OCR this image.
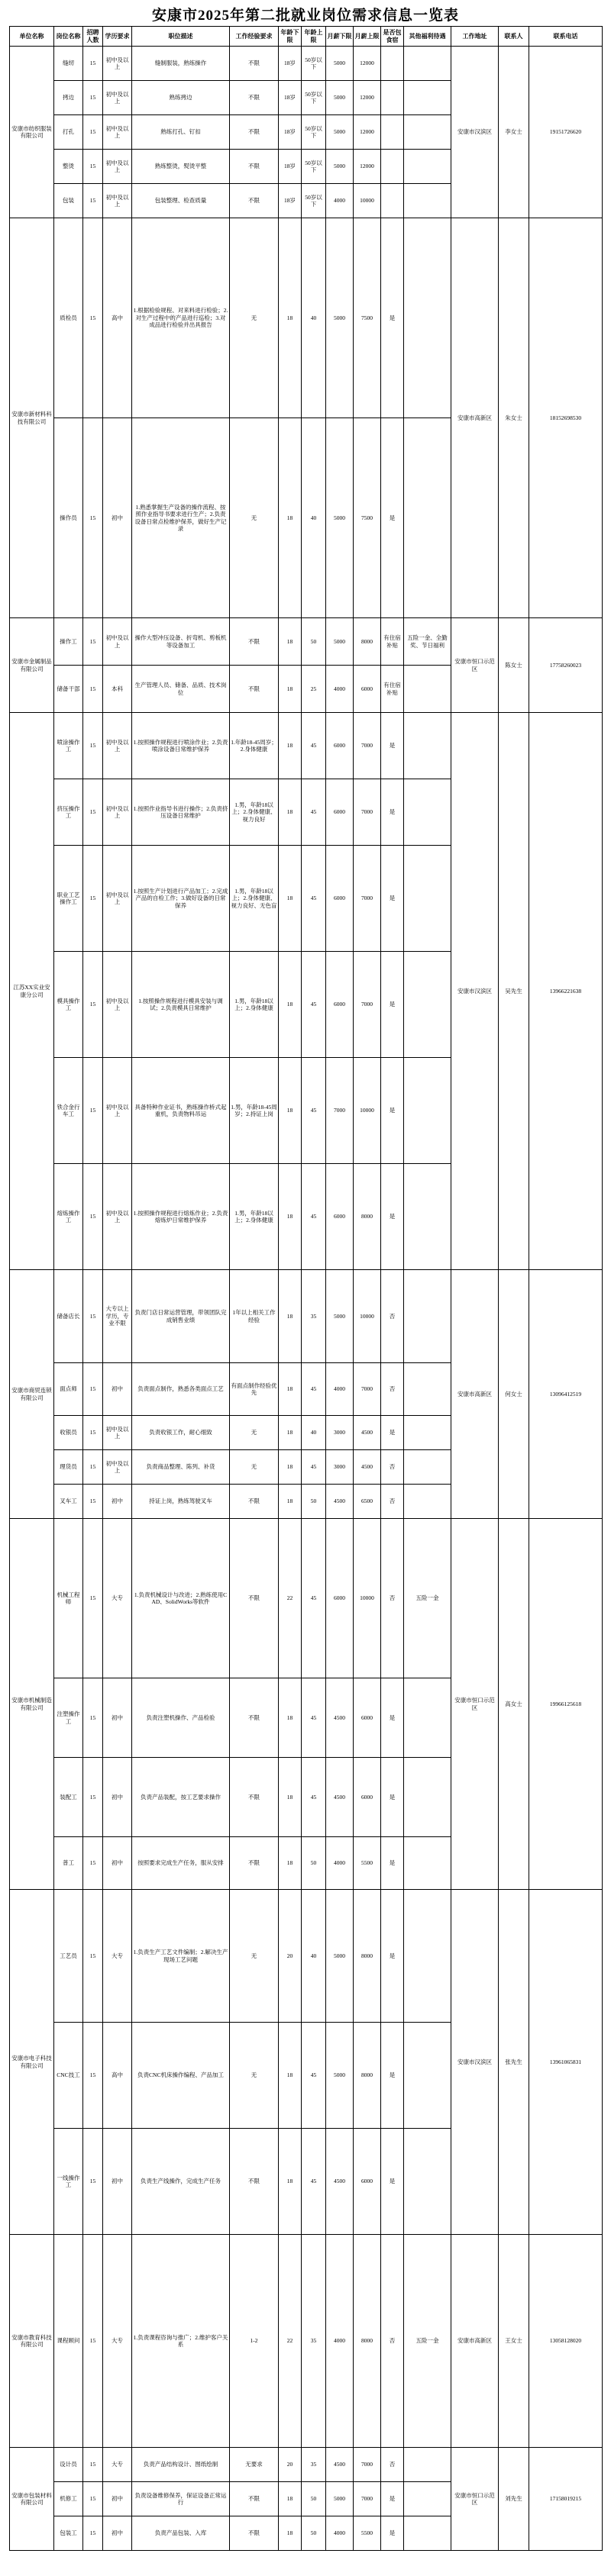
安康市2025年第二批就业岗位需求信息一览表
单位名称	岗位名称	招聘人数	学历要求	职位描述	工作经验要求	年龄下限	年龄上限	月薪下限	月薪上限	是否包食宿	其他福利待遇	工作地址	联系人	联系电话
安康市纺织服装有限公司	缝纫	15	初中及以上	缝制服装，熟练操作	不限	18岁	50岁以下	5000	12000			安康市汉滨区	李女士	19151726620
	拷边	15	初中及以上	熟练拷边	不限	18岁	50岁以下	5000	12000					
	打孔	15	初中及以上	熟练打孔、钉扣	不限	18岁	50岁以下	5000	12000					
	整烫	15	初中及以上	熟练整烫，熨烫平整	不限	18岁	50岁以下	5000	12000					
	包装	15	初中及以上	包装整理、检查质量	不限	18岁	50岁以下	4000	10000					
安康市新材料科技有限公司	质检员	15	高中	1.根据检验规程、对来料进行检验；2.对生产过程中的产品进行巡检；3.对成品进行检验并出具报告	无	18	40	5000	7500	是		安康市高新区	朱女士	18152698530
	操作员	15	初中	1.熟悉掌握生产设备的操作流程、按照作业指导书要求进行生产；2.负责设备日常点检维护保养，做好生产记录	无	18	40	5000	7500	是				
安康市金属制品有限公司	操作工	15	初中及以上	操作大型冲压设备、折弯机、剪板机等设备加工	不限	18	50	5000	8000	有住宿补贴	五险一金、全勤奖、节日福利	安康市恒口示范区	陈女士	17758260023
	储备干部	15	本科	生产管理人员、储备、品质、技术岗位	不限	18	25	4000	6000	有住宿补贴				
江苏XX实业安康分公司	喷涂操作工	15	初中及以上	1.按照操作规程进行喷涂作业；2.负责喷涂设备日常维护保养	1.年龄18-45周岁；2.身体健康	18	45	6000	7000	是		安康市汉滨区	吴先生	13966221638
	挤压操作工	15	初中及以上	1.按照作业指导书进行操作；2.负责挤压设备日常维护	1.男，年龄18以上；2.身体健康、视力良好	18	45	6000	7000	是				
	职业工艺操作工	15	初中及以上	1.按照生产计划进行产品加工；2.完成产品的自检工作；3.做好设备的日常保养	1.男，年龄18以上；2.身体健康、视力良好、无色盲	18	45	6000	7000	是				
	模具操作工	15	初中及以上	1.按照操作规程进行模具安装与调试；2.负责模具日常维护	1.男，年龄18以上；2.身体健康	18	45	6000	7000	是				
	铁合金行车工	15	初中及以上	具备特种作业证书，熟练操作桥式起重机，负责物料吊运	1.男，年龄18-45周岁；2.持证上岗	18	45	7000	10000	是				
	熔炼操作工	15	初中及以上	1.按照操作规程进行熔炼作业；2.负责熔炼炉日常维护保养	1.男，年龄18以上；2.身体健康	18	45	6000	8000	是				
安康市商贸连锁有限公司	储备店长	15	大专以上学历，专业不限	负责门店日常运营管理，带领团队完成销售业绩	1年以上相关工作经验	18	35	5000	10000	否		安康市高新区	何女士	13096412519
	面点师	15	初中	负责面点制作，熟悉各类面点工艺	有面点制作经验优先	18	45	4000	7000	否				
	收银员	15	初中及以上	负责收银工作，耐心细致	无	18	40	3000	4500	是				
	理货员	15	初中及以上	负责商品整理、陈列、补货	无	18	45	3000	4500	否				
	叉车工	15	初中	持证上岗，熟练驾驶叉车	不限	18	50	4500	6500	否				
安康市机械制造有限公司	机械工程师	15	大专	1.负责机械设计与改进；2.熟练使用CAD、SolidWorks等软件	不限	22	45	6000	10000	否	五险一金	安康市恒口示范区	高女士	19966125618
	注塑操作工	15	初中	负责注塑机操作、产品检验	不限	18	45	4500	6000	是				
	装配工	15	初中	负责产品装配，按工艺要求操作	不限	18	45	4500	6000	是				
	普工	15	初中	按照要求完成生产任务，服从安排	不限	18	50	4000	5500	是				
安康市电子科技有限公司	工艺员	15	大专	1.负责生产工艺文件编制；2.解决生产现场工艺问题	无	20	40	5000	8000	是		安康市汉滨区	张先生	13961065831
	CNC技工	15	高中	负责CNC机床操作编程、产品加工	无	18	45	5000	8000	是				
	一线操作工	15	初中	负责生产线操作，完成生产任务	不限	18	45	4500	6000	是				
安康市教育科技有限公司	课程顾问	15	大专	1.负责课程咨询与推广；2.维护客户关系	1-2	22	35	4000	8000	否	五险一金	安康市高新区	王女士	13058128020
安康市包装材料有限公司	设计员	15	大专	负责产品结构设计、图纸绘制	无要求	20	35	4500	7000	否		安康市恒口示范区	刘先生	17158019215
	机修工	15	初中	负责设备维修保养，保证设备正常运行	不限	18	50	5000	7000	是				
	包装工	15	初中	负责产品包装、入库	不限	18	50	4000	5500	是				
